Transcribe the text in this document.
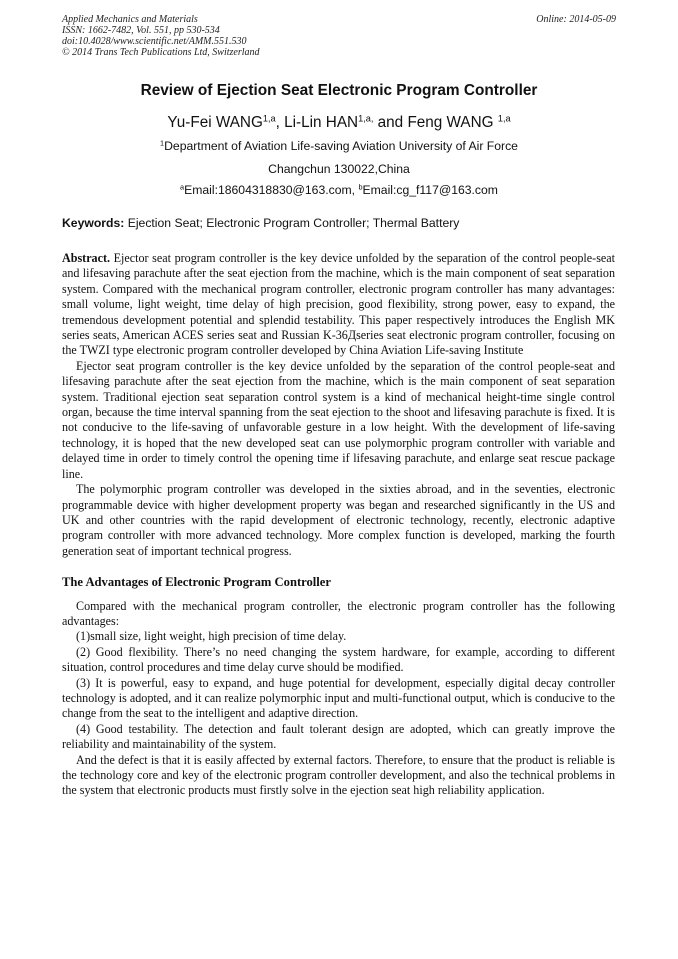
Applied Mechanics and Materials
ISSN: 1662-7482, Vol. 551, pp 530-534
doi:10.4028/www.scientific.net/AMM.551.530
© 2014 Trans Tech Publications Ltd, Switzerland
Online: 2014-05-09
Review of Ejection Seat Electronic Program Controller
Yu-Fei WANG$^{1,a}$, Li-Lin $HAN^{1,a,}$ and Feng WANG $^{1,a}$
$^1$Department of Aviation Life-saving Aviation University of Air Force
Changchun 130022,China
$^a$Email:18604318830@163.com, $^b$Email:cg_f117@163.com
Keywords: Ejection Seat; Electronic Program Controller; Thermal Battery

Abstract. Ejector seat program controller is the key device unfolded by the separation of the control people-seat and lifesaving parachute after the seat ejection from the machine, which is the main component of seat separation system. Compared with the mechanical program controller, electronic program controller has many advantages: small volume, light weight, time delay of high precision, good flexibility, strong power, easy to expand, the tremendous development potential and splendid testability. This paper respectively introduces the English MK series seats, American ACES series seat and Russian K-36Дseries seat electronic program controller, focusing on the TWZI type electronic program controller developed by China Aviation Life-saving Institute

Ejector seat program controller is the key device unfolded by the separation of the control people-seat and lifesaving parachute after the seat ejection from the machine, which is the main component of seat separation system. Traditional ejection seat separation control system is a kind of mechanical height-time single control organ, because the time interval spanning from the seat ejection to the shoot and lifesaving parachute is fixed. It is not conducive to the life-saving of unfavorable gesture in a low height. With the development of life-saving technology, it is hoped that the new developed seat can use polymorphic program controller with variable and delayed time in order to timely control the opening time if lifesaving parachute, and enlarge seat rescue package line.

The polymorphic program controller was developed in the sixties abroad, and in the seventies, electronic programmable device with higher development property was began and researched significantly in the US and UK and other countries with the rapid development of electronic technology, recently, electronic adaptive program controller with more advanced technology. More complex function is developed, marking the fourth generation seat of important technical progress.

The Advantages of Electronic Program Controller

Compared with the mechanical program controller, the electronic program controller has the following advantages:

(1)small size, light weight, high precision of time delay.

(2) Good flexibility. There’s no need changing the system hardware, for example, according to different situation, control procedures and time delay curve should be modified.

(3) It is powerful, easy to expand, and huge potential for development, especially digital decay controller technology is adopted, and it can realize polymorphic input and multi-functional output, which is conducive to the change from the seat to the intelligent and adaptive direction.

(4) Good testability. The detection and fault tolerant design are adopted, which can greatly improve the reliability and maintainability of the system.

And the defect is that it is easily affected by external factors. Therefore, to ensure that the product is reliable is the technology core and key of the electronic program controller development, and also the technical problems in the system that electronic products must firstly solve in the ejection seat high reliability application.
